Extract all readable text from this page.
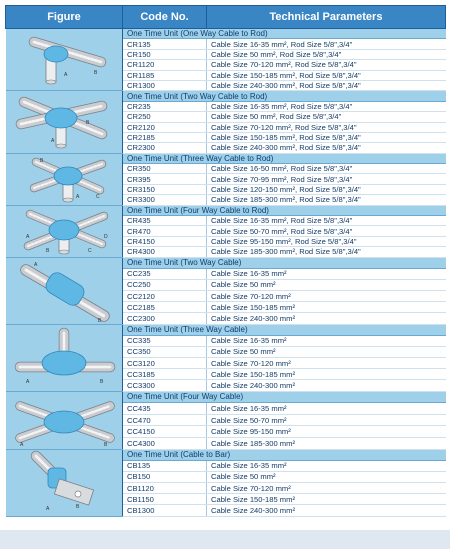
Figure	Code No.	Technical Parameters

A B	One Time Unit (One Way Cable to Rod)	
	CR135	Cable Size 16-35 mm², Rod Size 5/8",3/4"
	CR150	Cable Size 50 mm², Rod Size 5/8",3/4"
	CR1120	Cable Size 70-120 mm², Rod Size 5/8",3/4"
	CR1185	Cable Size 150-185 mm², Rod Size 5/8",3/4"
	CR1300	Cable Size 240-300 mm², Rod Size 5/8",3/4"

A
B	One Time Unit (Two Way Cable to Rod)	
	CR235	Cable Size 16-35 mm², Rod Size 5/8",3/4"
	CR250	Cable Size 50 mm², Rod Size 5/8",3/4"
	CR2120	Cable Size 70-120 mm², Rod Size 5/8",3/4"
	CR2185	Cable Size 150-185 mm², Rod Size 5/8",3/4"
	CR2300	Cable Size 240-300 mm², Rod Size 5/8",3/4"

A
B
C	One Time Unit (Three Way Cable to Rod)	
	CR350	Cable Size 16-50 mm², Rod Size 5/8",3/4"
	CR395	Cable Size 70-95 mm², Rod Size 5/8",3/4"
	CR3150	Cable Size 120-150 mm², Rod Size 5/8",3/4"
	CR3300	Cable Size 185-300 mm², Rod Size 5/8",3/4"

A
B C
D	One Time Unit (Four Way Cable to Rod)	
	CR435	Cable Size 16-35 mm², Rod Size 5/8",3/4"
	CR470	Cable Size 50-70 mm², Rod Size 5/8",3/4"
	CR4150	Cable Size 95-150 mm², Rod Size 5/8",3/4"
	CR4300	Cable Size 185-300 mm², Rod Size 5/8",3/4"

A
B	One Time Unit (Two Way Cable)	
	CC235	Cable Size 16-35 mm²
	CC250	Cable Size 50 mm²
	CC2120	Cable Size 70-120 mm²
	CC2185	Cable Size 150-185 mm²
	CC2300	Cable Size 240-300 mm²

A B	One Time Unit (Three Way Cable)	
	CC335	Cable Size 16-35 mm²
	CC350	Cable Size 50 mm²
	CC3120	Cable Size 70-120 mm²
	CC3185	Cable Size 150-185 mm²
	CC3300	Cable Size 240-300 mm²

A B	One Time Unit (Four Way Cable)	
	CC435	Cable Size 16-35 mm²
	CC470	Cable Size 50-70 mm²
	CC4150	Cable Size 95-150 mm²
	CC4300	Cable Size 185-300 mm²

A B	One Time Unit (Cable to Bar)	
	CB135	Cable Size 16-35 mm²
	CB150	Cable Size 50 mm²
	CB1120	Cable Size 70-120 mm²
	CB1150	Cable Size 150-185 mm²
	CB1300	Cable Size 240-300 mm²
